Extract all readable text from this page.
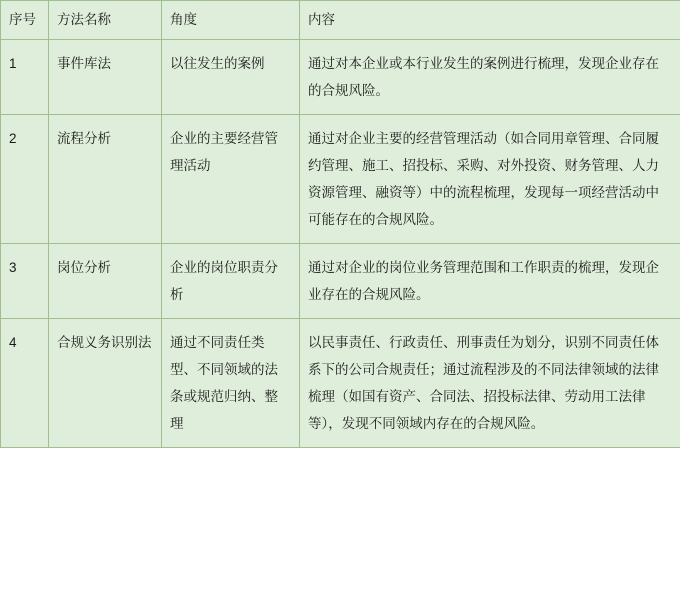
序号	方法名称	角度	内容

1	事件库法	以往发生的案例	通过对本企业或本行业发生的案例进行梳理，发现企业存在的合规风险。

2	流程分析	企业的主要经营管理活动	通过对企业主要的经营管理活动（如合同用章管理、合同履约管理、施工、招投标、采购、对外投资、财务管理、人力资源管理、融资等）中的流程梳理，发现每一项经营活动中可能存在的合规风险。

3	岗位分析	企业的岗位职责分析	通过对企业的岗位业务管理范围和工作职责的梳理，发现企业存在的合规风险。

4	合规义务识别法	通过不同责任类型、不同领域的法条或规范归纳、整理	以民事责任、行政责任、刑事责任为划分，识别不同责任体系下的公司合规责任；通过流程涉及的不同法律领域的法律梳理（如国有资产、合同法、招投标法律、劳动用工法律等），发现不同领域内存在的合规风险。
